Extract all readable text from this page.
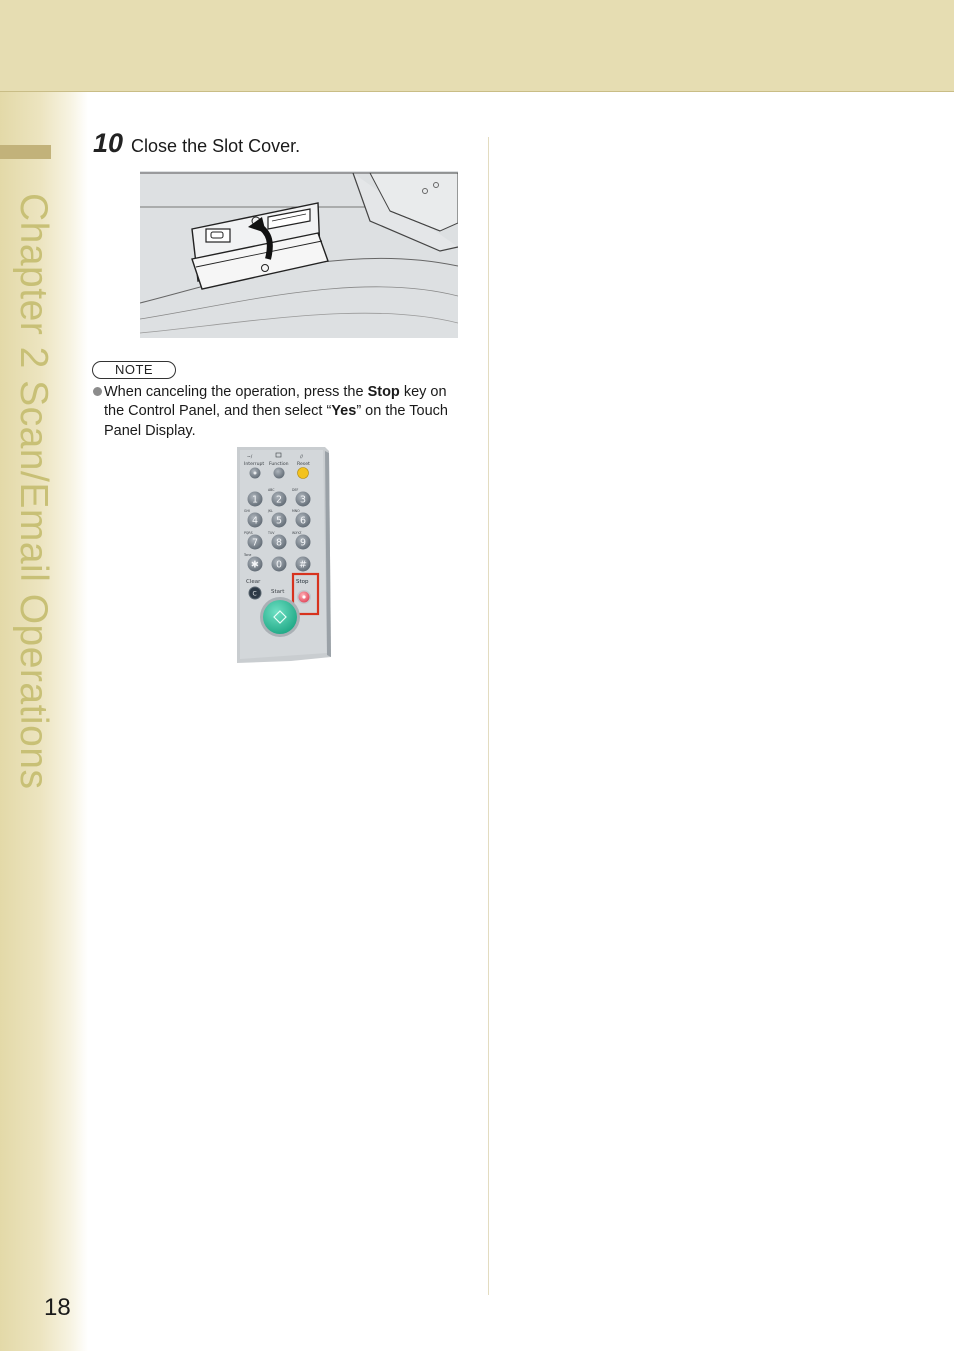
Chapter 2 Scan/Email Operations
18
10 Close the Slot Cover.
NOTE
When canceling the operation, press the Stop key on the Control Panel, and then select “Yes” on the Touch Panel Display.
~/	//
Interrupt Function Reset
1 2
ABC
3
DEF
4
GHI
5
JKL
6
MNO
7
PQRS
8
TUV
9
WXYZ
✱
Tone
0 #
Clear
C
Stop
Start
